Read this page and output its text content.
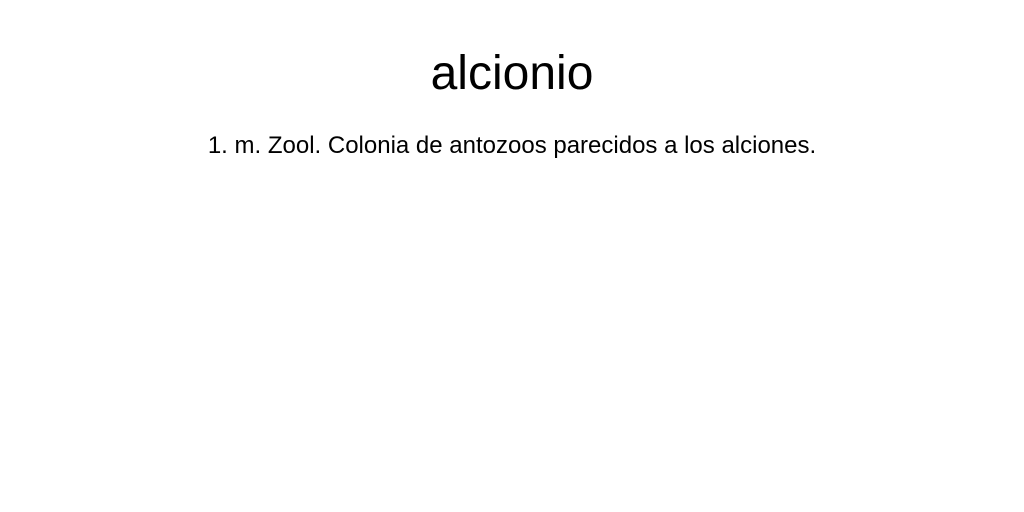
alcionio

1. m. Zool. Colonia de antozoos parecidos a los alciones.
